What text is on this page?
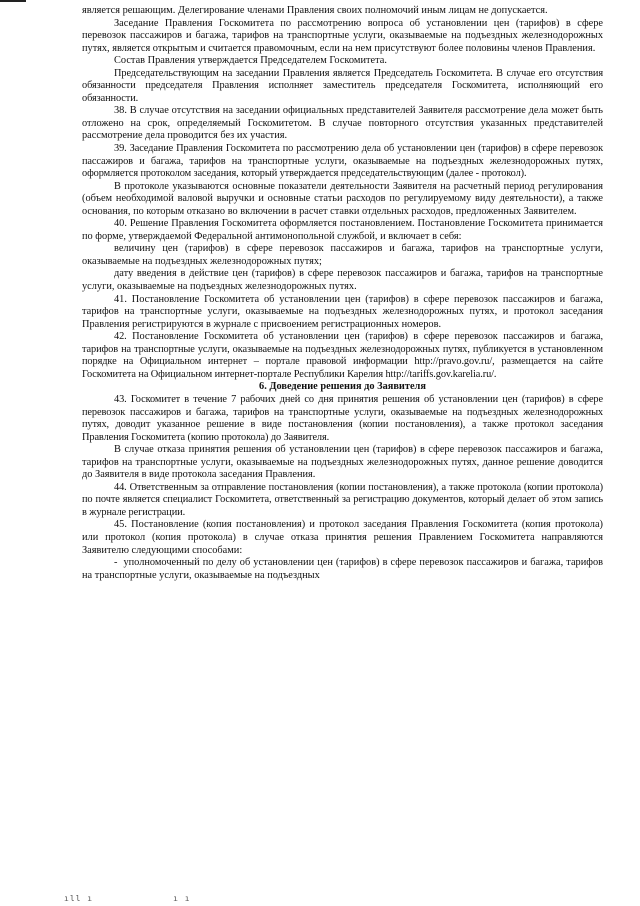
является решающим. Делегирование членами Правления своих полномочий иным лицам не допускается.

Заседание Правления Госкомитета по рассмотрению вопроса об установлении цен (тарифов) в сфере перевозок пассажиров и багажа, тарифов на транспортные услуги, оказываемые на подъездных железнодорожных путях, является открытым и считается правомочным, если на нем присутствуют более половины членов Правления.

Состав Правления утверждается Председателем Госкомитета.

Председательствующим на заседании Правления является Председатель Госкомитета. В случае его отсутствия обязанности председателя Правления исполняет заместитель председателя Госкомитета, исполняющий его обязанности.

38. В случае отсутствия на заседании официальных представителей Заявителя рассмотрение дела может быть отложено на срок, определяемый Госкомитетом. В случае повторного отсутствия указанных представителей рассмотрение дела проводится без их участия.

39. Заседание Правления Госкомитета по рассмотрению дела об установлении цен (тарифов) в сфере перевозок пассажиров и багажа, тарифов на транспортные услуги, оказываемые на подъездных железнодорожных путях, оформляется протоколом заседания, который утверждается председательствующим (далее - протокол).

В протоколе указываются основные показатели деятельности Заявителя на расчетный период регулирования (объем необходимой валовой выручки и основные статьи расходов по регулируемому виду деятельности), а также основания, по которым отказано во включении в расчет ставки отдельных расходов, предложенных Заявителем.

40. Решение Правления Госкомитета оформляется постановлением. Постановление Госкомитета принимается по форме, утверждаемой Федеральной антимонопольной службой, и включает в себя:

величину цен (тарифов) в сфере перевозок пассажиров и багажа, тарифов на транспортные услуги, оказываемые на подъездных железнодорожных путях;

дату введения в действие цен (тарифов) в сфере перевозок пассажиров и багажа, тарифов на транспортные услуги, оказываемые на подъездных железнодорожных путях.

41. Постановление Госкомитета об установлении цен (тарифов) в сфере перевозок пассажиров и багажа, тарифов на транспортные услуги, оказываемые на подъездных железнодорожных путях, и протокол заседания Правления регистрируются в журнале с присвоением регистрационных номеров.

42. Постановление Госкомитета об установлении цен (тарифов) в сфере перевозок пассажиров и багажа, тарифов на транспортные услуги, оказываемые на подъездных железнодорожных путях, публикуется в установленном порядке на Официальном интернет – портале правовой информации http://pravo.gov.ru/, размещается на сайте Госкомитета на Официальном интернет-портале Республики Карелия http://tariffs.gov.karelia.ru/.

6. Доведение решения до Заявителя

43. Госкомитет в течение 7 рабочих дней со дня принятия решения об установлении цен (тарифов) в сфере перевозок пассажиров и багажа, тарифов на транспортные услуги, оказываемые на подъездных железнодорожных путях, доводит указанное решение в виде постановления (копии постановления), а также протокол заседания Правления Госкомитета (копию протокола) до Заявителя.

В случае отказа принятия решения об установлении цен (тарифов) в сфере перевозок пассажиров и багажа, тарифов на транспортные услуги, оказываемые на подъездных железнодорожных путях, данное решение доводится до Заявителя в виде протокола заседания Правления.

44. Ответственным за отправление постановления (копии постановления), а также протокола (копии протокола) по почте является специалист Госкомитета, ответственный за регистрацию документов, который делает об этом запись в журнале регистрации.

45. Постановление (копия постановления) и протокол заседания Правления Госкомитета (копия протокола) или протокол (копия протокола) в случае отказа принятия решения Правлением Госкомитета направляются Заявителю следующими способами:

- уполномоченный по делу об установлении цен (тарифов) в сфере перевозок пассажиров и багажа, тарифов на транспортные услуги, оказываемые на подъездных

ıll ı	ı ı
